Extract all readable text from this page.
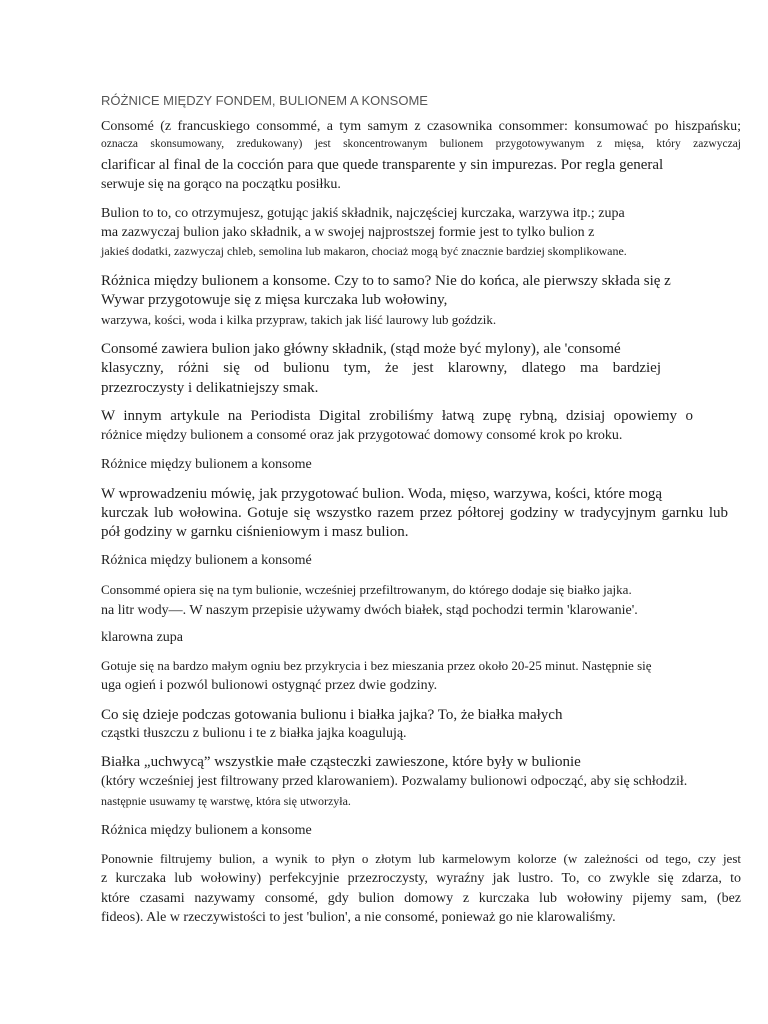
RÓŻNICE MIĘDZY FONDEM, BULIONEM A KONSOME
Consomé (z francuskiego consommé, a tym samym z czasownika consommer: konsumować po hiszpańsku;
oznacza skonsumowany, zredukowany) jest skoncentrowanym bulionem przygotowywanym z mięsa, który zazwyczaj
clarificar al final de la cocción para que quede transparente y sin impurezas. Por regla general
serwuje się na gorąco na początku posiłku.
Bulion to to, co otrzymujesz, gotując jakiś składnik, najczęściej kurczaka, warzywa itp.; zupa
ma zazwyczaj bulion jako składnik, a w swojej najprostszej formie jest to tylko bulion z
jakieś dodatki, zazwyczaj chleb, semolina lub makaron, chociaż mogą być znacznie bardziej skomplikowane.
Różnica między bulionem a konsome. Czy to to samo? Nie do końca, ale pierwszy składa się z
Wywar przygotowuje się z mięsa kurczaka lub wołowiny,
warzywa, kości, woda i kilka przypraw, takich jak liść laurowy lub goździk.
Consomé zawiera bulion jako główny składnik, (stąd może być mylony), ale 'consomé
klasyczny, różni się od bulionu tym, że jest klarowny, dlatego ma bardziej
przezroczysty i delikatniejszy smak.
W innym artykule na Periodista Digital zrobiliśmy łatwą zupę rybną, dzisiaj opowiemy o
różnice między bulionem a consomé oraz jak przygotować domowy consomé krok po kroku.
Różnice między bulionem a konsome
W wprowadzeniu mówię, jak przygotować bulion. Woda, mięso, warzywa, kości, które mogą
kurczak lub wołowina. Gotuje się wszystko razem przez półtorej godziny w tradycyjnym garnku lub
pół godziny w garnku ciśnieniowym i masz bulion.
Różnica między bulionem a konsomé
Consommé opiera się na tym bulionie, wcześniej przefiltrowanym, do którego dodaje się białko jajka.
na litr wody—. W naszym przepisie używamy dwóch białek, stąd pochodzi termin 'klarowanie'.
klarowna zupa
Gotuje się na bardzo małym ogniu bez przykrycia i bez mieszania przez około 20-25 minut. Następnie się
uga ogień i pozwól bulionowi ostygnąć przez dwie godziny.
Co się dzieje podczas gotowania bulionu i białka jajka? To, że białka małych
cząstki tłuszczu z bulionu i te z białka jajka koagulują.
Białka „uchwycą” wszystkie małe cząsteczki zawieszone, które były w bulionie
(który wcześniej jest filtrowany przed klarowaniem). Pozwalamy bulionowi odpocząć, aby się schłodził.
następnie usuwamy tę warstwę, która się utworzyła.
Różnica między bulionem a konsome
Ponownie filtrujemy bulion, a wynik to płyn o złotym lub karmelowym kolorze (w zależności od tego, czy jest
z kurczaka lub wołowiny) perfekcyjnie przezroczysty, wyraźny jak lustro. To, co zwykle się zdarza, to
które czasami nazywamy consomé, gdy bulion domowy z kurczaka lub wołowiny pijemy sam, (bez
fideos). Ale w rzeczywistości to jest 'bulion', a nie consomé, ponieważ go nie klarowaliśmy.
